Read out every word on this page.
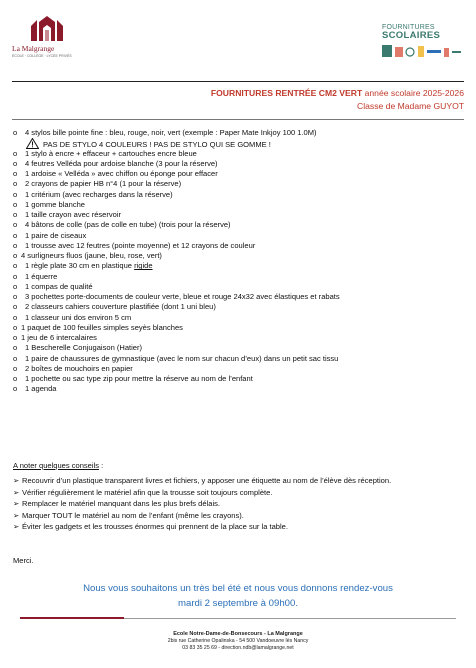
La Malgrange
ÉCOLE · COLLÈGE · LYCÉE PRIVÉS
FOURNITURES
SCOLAIRES
FOURNITURES RENTRÉE CM2 VERT année scolaire 2025-2026
Classe de Madame GUYOT
o 4 stylos bille pointe fine : bleu, rouge, noir, vert (exemple : Paper Mate Inkjoy 100 1.0M)
PAS DE STYLO 4 COULEURS ! PAS DE STYLO QUI SE GOMME !
o 1 stylo à encre + effaceur + cartouches encre bleue
o 4 feutres Velléda pour ardoise blanche (3 pour la réserve)
o 1 ardoise « Velléda » avec chiffon ou éponge pour effacer
o 2 crayons de papier HB n°4 (1 pour la réserve)
o 1 critérium (avec recharges dans la réserve)
o 1 gomme blanche
o 1 taille crayon avec réservoir
o 4 bâtons de colle (pas de colle en tube) (trois pour la réserve)
o 1 paire de ciseaux
o 1 trousse avec 12 feutres (pointe moyenne) et 12 crayons de couleur
o 4 surligneurs fluos (jaune, bleu, rose, vert)
o 1 règle plate 30 cm en plastique rigide
o 1 équerre
o 1 compas de qualité
o 3 pochettes porte-documents de couleur verte, bleue et rouge 24x32 avec élastiques et rabats
o 2 classeurs cahiers couverture plastifiée (dont 1 uni bleu)
o 1 classeur uni dos environ 5 cm
o 1 paquet de 100 feuilles simples seyès blanches
o 1 jeu de 6 intercalaires
o 1 Bescherelle Conjugaison (Hatier)
o 1 paire de chaussures de gymnastique (avec le nom sur chacun d’eux) dans un petit sac tissu
o 2 boîtes de mouchoirs en papier
o 1 pochette ou sac type zip pour mettre la réserve au nom de l’enfant
o 1 agenda
A noter quelques conseils :
➢ Recouvrir d’un plastique transparent livres et fichiers, y apposer une étiquette au nom de l’élève dès réception.
➢ Vérifier régulièrement le matériel afin que la trousse soit toujours complète.
➢ Remplacer le matériel manquant dans les plus brefs délais.
➢ Marquer TOUT le matériel au nom de l’enfant (même les crayons).
➢ Éviter les gadgets et les trousses énormes qui prennent de la place sur la table.
Merci.
Nous vous souhaitons un très bel été et nous vous donnons rendez-vous
mardi 2 septembre à 09h00.
Ecole Notre-Dame-de-Bonsecours - La Malgrange
2bis rue Catherine Opalinska - 54 500 Vandoeuvre lès Nancy
03 83 35 25 69 - direction.ndb@lamalgrange.net
